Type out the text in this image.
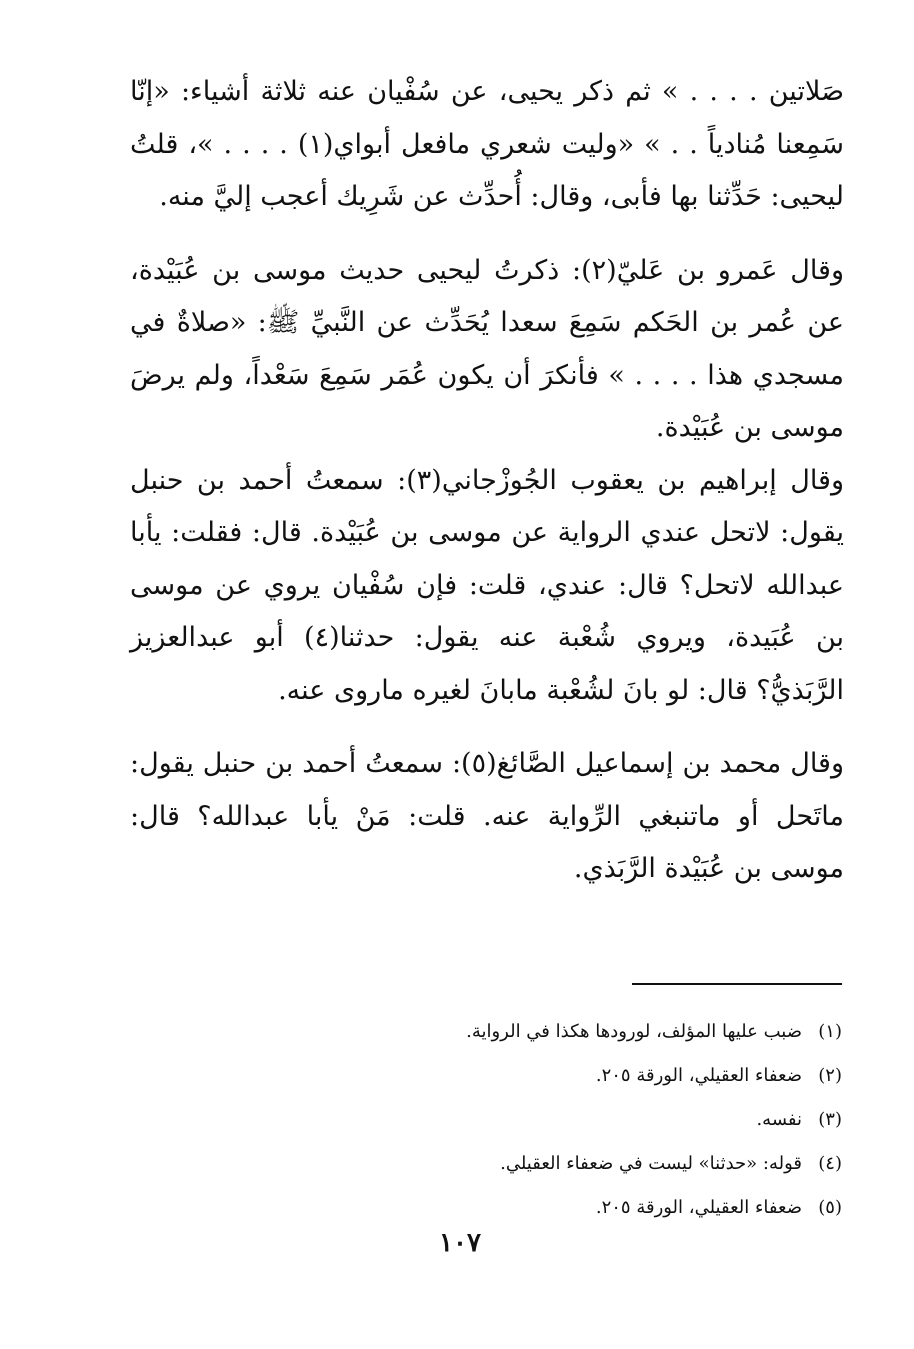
صَلاتين . . . . » ثم ذكر يحيى، عن سُفْيان عنه ثلاثة أشياء: «إنّا سَمِعنا مُنادياً . . » «وليت شعري مافعل أبواي(١) . . . . »، قلتُ ليحيى: حَدِّثنا بها فأبى، وقال: أُحدِّث عن شَرِيك أعجب إليَّ منه.

وقال عَمرو بن عَليّ(٢): ذكرتُ ليحيى حديث موسى بن عُبَيْدة، عن عُمر بن الحَكم سَمِعَ سعدا يُحَدِّث عن النَّبيِّ ﷺ: «صلاةٌ في مسجدي هذا . . . . » فأنكرَ أن يكون عُمَر سَمِعَ سَعْداً، ولم يرضَ موسى بن عُبَيْدة.

وقال إبراهيم بن يعقوب الجُوزْجاني(٣): سمعتُ أحمد بن حنبل يقول: لاتحل عندي الرواية عن موسى بن عُبَيْدة. قال: فقلت: يأبا عبدالله لاتحل؟ قال: عندي، قلت: فإن سُفْيان يروي عن موسى بن عُبَيدة، ويروي شُعْبة عنه يقول: حدثنا(٤) أبو عبدالعزيز الرَّبَذيُّ؟ قال: لو بانَ لشُعْبة مابانَ لغيره ماروى عنه.

وقال محمد بن إسماعيل الصَّائغ(٥): سمعتُ أحمد بن حنبل يقول: ماتَحل أو ماتنبغي الرِّواية عنه. قلت: مَنْ يأبا عبدالله؟ قال: موسى بن عُبَيْدة الرَّبَذي.

(١)
ضبب عليها المؤلف، لورودها هكذا في الرواية.
(٢)
ضعفاء العقيلي، الورقة ٢٠٥.
(٣)
نفسه.
(٤)
قوله: «حدثنا» ليست في ضعفاء العقيلي.
(٥)
ضعفاء العقيلي، الورقة ٢٠٥.
١٠٧
